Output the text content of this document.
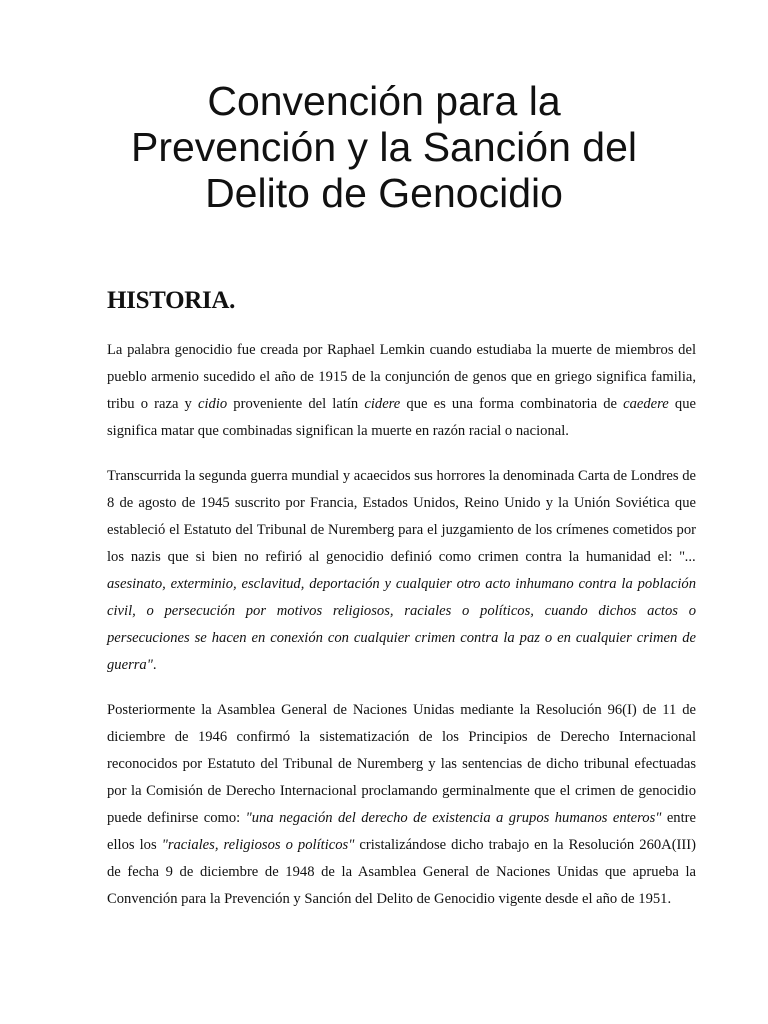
Convención para la
Prevención y la Sanción del
Delito de Genocidio
HISTORIA.

La palabra genocidio fue creada por Raphael Lemkin cuando estudiaba la muerte de miembros del pueblo armenio sucedido el año de 1915 de la conjunción de genos que en griego significa familia, tribu o raza y cidio proveniente del latín cidere que es una forma combinatoria de caedere que significa matar que combinadas significan la muerte en razón racial o nacional.

Transcurrida la segunda guerra mundial y acaecidos sus horrores la denominada Carta de Londres de 8 de agosto de 1945 suscrito por Francia, Estados Unidos, Reino Unido y la Unión Soviética que estableció el Estatuto del Tribunal de Nuremberg para el juzgamiento de los crímenes cometidos por los nazis que si bien no refirió al genocidio definió como crimen contra la humanidad el: "... asesinato, exterminio, esclavitud, deportación y cualquier otro acto inhumano contra la población civil, o persecución por motivos religiosos, raciales o políticos, cuando dichos actos o persecuciones se hacen en conexión con cualquier crimen contra la paz o en cualquier crimen de guerra".

Posteriormente la Asamblea General de Naciones Unidas mediante la Resolución 96(I) de 11 de diciembre de 1946 confirmó la sistematización de los Principios de Derecho Internacional reconocidos por Estatuto del Tribunal de Nuremberg y las sentencias de dicho tribunal efectuadas por la Comisión de Derecho Internacional proclamando germinalmente que el crimen de genocidio puede definirse como: "una negación del derecho de existencia a grupos humanos enteros" entre ellos los "raciales, religiosos o políticos" cristalizándose dicho trabajo en la Resolución 260A(III) de fecha 9 de diciembre de 1948 de la Asamblea General de Naciones Unidas que aprueba la Convención para la Prevención y Sanción del Delito de Genocidio vigente desde el año de 1951.
